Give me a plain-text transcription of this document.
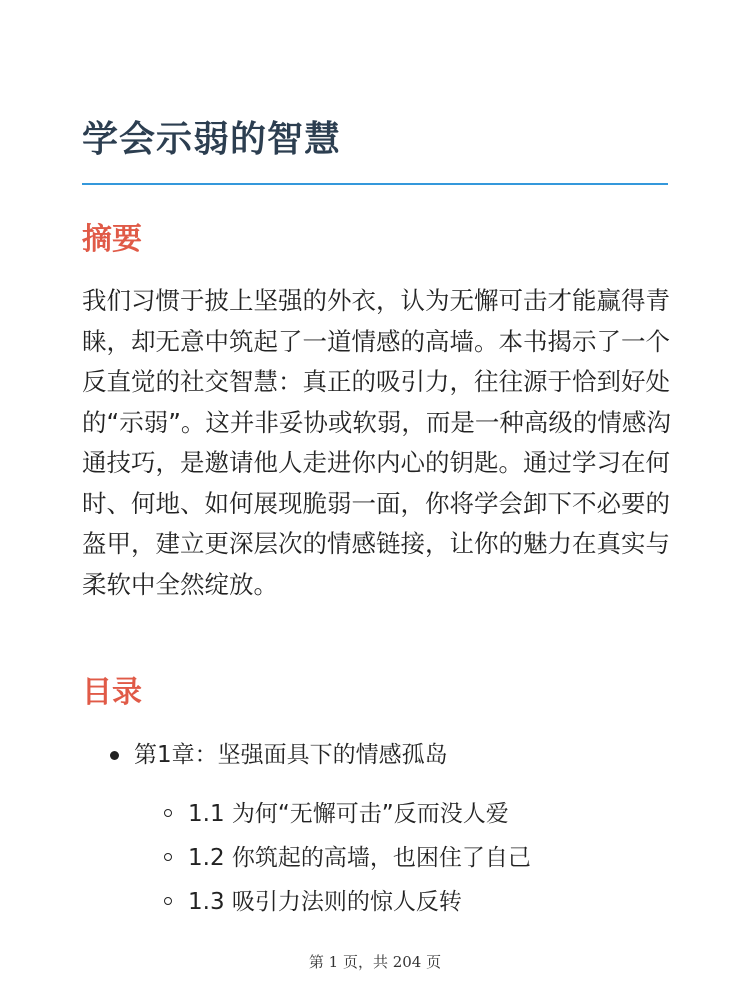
学会示弱的智慧
摘要

我们习惯于披上坚强的外衣，认为无懈可击才能赢得青睐，却无意中筑起了一道情感的高墙。本书揭示了一个反直觉的社交智慧：真正的吸引力，往往源于恰到好处的“示弱”。这并非妥协或软弱，而是一种高级的情感沟通技巧，是邀请他人走进你内心的钥匙。通过学习在何时、何地、如何展现脆弱一面，你将学会卸下不必要的盔甲，建立更深层次的情感链接，让你的魅力在真实与柔软中全然绽放。

目录
第1章：坚强面具下的情感孤岛
1.1 为何“无懈可击”反而没人爱
1.2 你筑起的高墙，也困住了自己
1.3 吸引力法则的惊人反转
第 1 页，共 204 页
